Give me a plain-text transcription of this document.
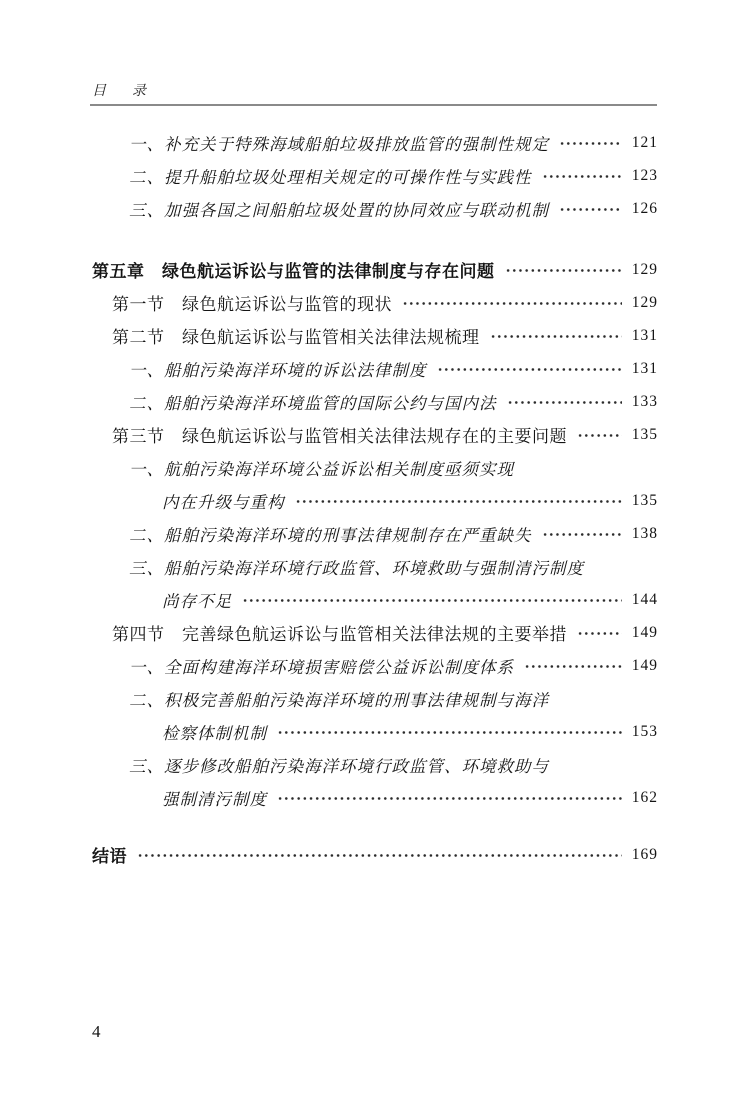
目　录
一、补充关于特殊海域船舶垃圾排放监管的强制性规定	121
二、提升船舶垃圾处理相关规定的可操作性与实践性	123
三、加强各国之间船舶垃圾处置的协同效应与联动机制	126
第五章　绿色航运诉讼与监管的法律制度与存在问题	129
第一节　绿色航运诉讼与监管的现状	129
第二节　绿色航运诉讼与监管相关法律法规梳理	131
一、船舶污染海洋环境的诉讼法律制度	131
二、船舶污染海洋环境监管的国际公约与国内法	133
第三节　绿色航运诉讼与监管相关法律法规存在的主要问题	135
一、航舶污染海洋环境公益诉讼相关制度亟须实现
内在升级与重构	135
二、船舶污染海洋环境的刑事法律规制存在严重缺失	138
三、船舶污染海洋环境行政监管、环境救助与强制清污制度
尚存不足	144
第四节　完善绿色航运诉讼与监管相关法律法规的主要举措	149
一、全面构建海洋环境损害赔偿公益诉讼制度体系	149
二、积极完善船舶污染海洋环境的刑事法律规制与海洋
检察体制机制	153
三、逐步修改船舶污染海洋环境行政监管、环境救助与
强制清污制度	162
结语	169
4
